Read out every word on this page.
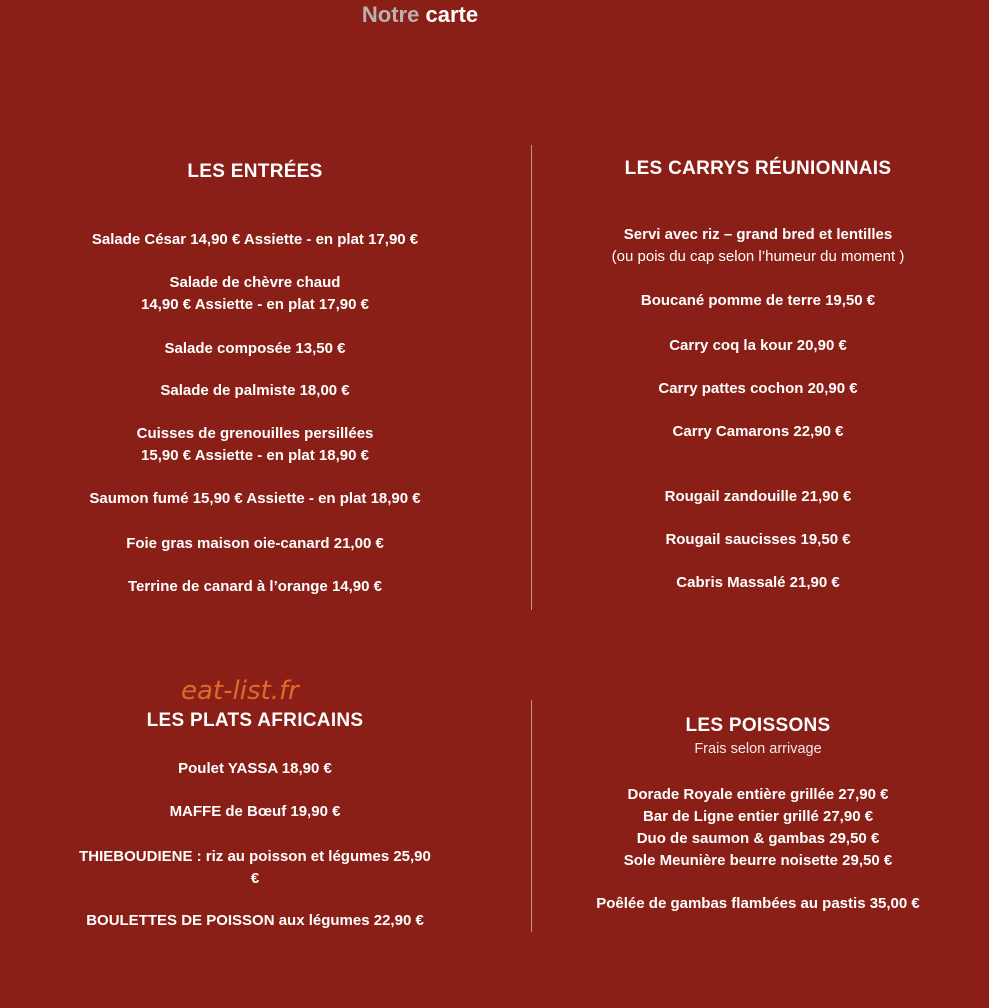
Notre carte
LES ENTRÉES
Salade César 14,90 € Assiette - en plat 17,90 €
Salade de chèvre chaud
14,90 € Assiette - en plat 17,90 €
Salade composée 13,50 €
Salade de palmiste 18,00 €
Cuisses de grenouilles persillées
15,90 € Assiette - en plat 18,90 €
Saumon fumé 15,90 € Assiette - en plat 18,90 €
Foie gras maison oie-canard 21,00 €
Terrine de canard à l’orange 14,90 €
LES CARRYS RÉUNIONNAIS
Servi avec riz – grand bred et lentilles
(ou pois du cap selon l’humeur du moment )
Boucané pomme de terre 19,50 €
Carry coq la kour 20,90 €
Carry pattes cochon 20,90 €
Carry Camarons 22,90 €
Rougail zandouille 21,90 €
Rougail saucisses 19,50 €
Cabris Massalé 21,90 €
eat-list.fr
LES PLATS AFRICAINS
Poulet YASSA 18,90 €
MAFFE de Bœuf 19,90 €
THIEBOUDIENE : riz au poisson et légumes 25,90
€
BOULETTES DE POISSON aux légumes 22,90 €
LES POISSONS
Frais selon arrivage
Dorade Royale entière grillée 27,90 €
Bar de Ligne entier grillé 27,90 €
Duo de saumon & gambas 29,50 €
Sole Meunière beurre noisette 29,50 €
Poêlée de gambas flambées au pastis 35,00 €
